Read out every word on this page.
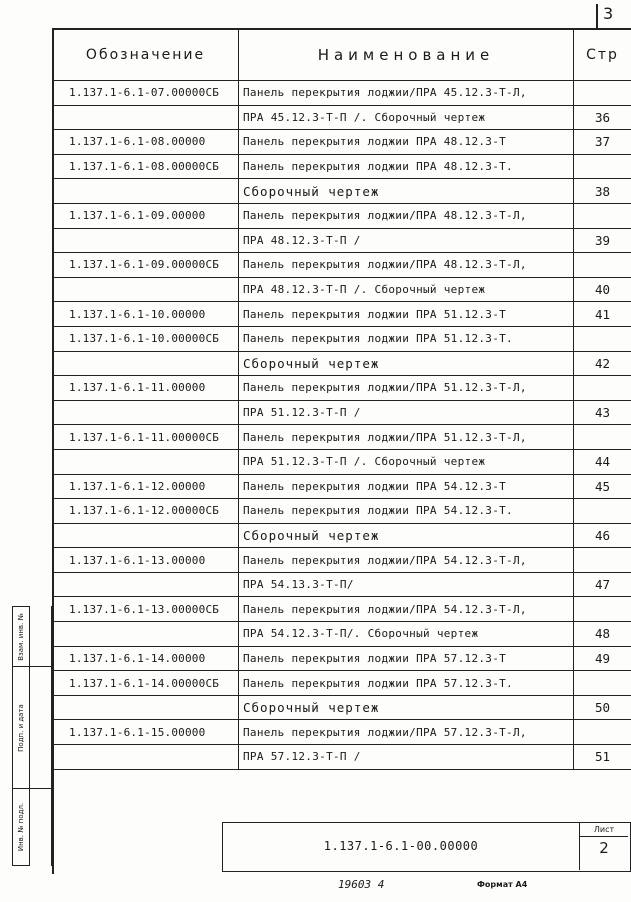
3
Обозначение	Наименование	Стр
1.137.1-6.1-07.00000СБ	Панель перекрытия лоджии/ПРА 45.12.3-Т-Л,	
	ПРА 45.12.3-Т-П /. Сборочный чертеж	36
1.137.1-6.1-08.00000	Панель перекрытия лоджии ПРА 48.12.3-Т	37
1.137.1-6.1-08.00000СБ	Панель перекрытия лоджии ПРА 48.12.3-Т.	
	Сборочный чертеж	38
1.137.1-6.1-09.00000	Панель перекрытия лоджии/ПРА 48.12.3-Т-Л,	
	ПРА 48.12.3-Т-П /	39
1.137.1-6.1-09.00000СБ	Панель перекрытия лоджии/ПРА 48.12.3-Т-Л,	
	ПРА 48.12.3-Т-П /. Сборочный чертеж	40
1.137.1-6.1-10.00000	Панель перекрытия лоджии ПРА 51.12.3-Т	41
1.137.1-6.1-10.00000СБ	Панель перекрытия лоджии ПРА 51.12.3-Т.	
	Сборочный чертеж	42
1.137.1-6.1-11.00000	Панель перекрытия лоджии/ПРА 51.12.3-Т-Л,	
	ПРА 51.12.3-Т-П /	43
1.137.1-6.1-11.00000СБ	Панель перекрытия лоджии/ПРА 51.12.3-Т-Л,	
	ПРА 51.12.3-Т-П /. Сборочный чертеж	44
1.137.1-6.1-12.00000	Панель перекрытия лоджии ПРА 54.12.3-Т	45
1.137.1-6.1-12.00000СБ	Панель перекрытия лоджии ПРА 54.12.3-Т.	
	Сборочный чертеж	46
1.137.1-6.1-13.00000	Панель перекрытия лоджии/ПРА 54.12.3-Т-Л,	
	ПРА 54.13.3-Т-П/	47
1.137.1-6.1-13.00000СБ	Панель перекрытия лоджии/ПРА 54.12.3-Т-Л,	
	ПРА 54.12.3-Т-П/. Сборочный чертеж	48
1.137.1-6.1-14.00000	Панель перекрытия лоджии ПРА 57.12.3-Т	49
1.137.1-6.1-14.00000СБ	Панель перекрытия лоджии ПРА 57.12.3-Т.	
	Сборочный чертеж	50
1.137.1-6.1-15.00000	Панель перекрытия лоджии/ПРА 57.12.3-Т-Л,	
	ПРА 57.12.3-Т-П /	51
Взам. инв. №
Подп. и дата
Инв. № подл.	1.137.1-6.1-00.00000
Лист
2
19603 4	Формат А4
